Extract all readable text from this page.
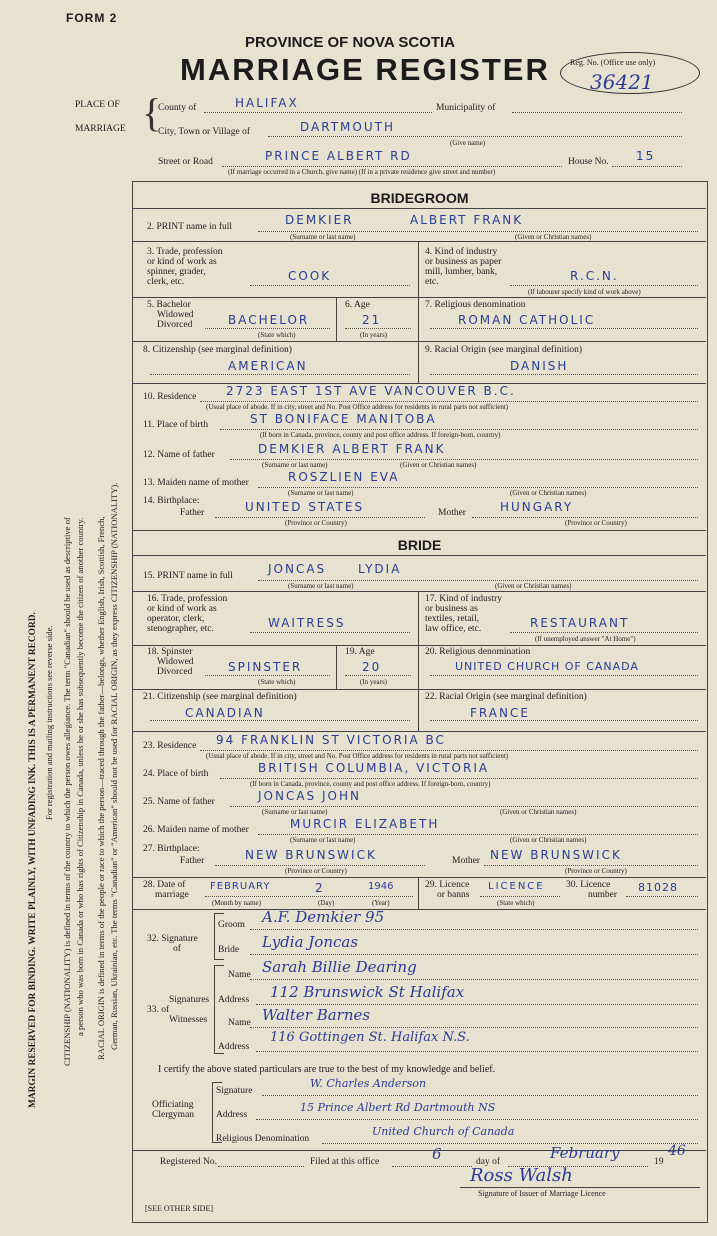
MARGIN RESERVED FOR BINDING. WRITE PLAINLY, WITH UNFADING INK. THIS IS A PERMANENT RECORD. For registration and mailing instructions see reverse side. CITIZENSHIP (NATIONALITY) is defined in terms of the country to which the person owes allegiance. The term "Canadian" should be used as descriptive of a person who was born in Canada or who has rights of Citizenship in Canada, unless he or she has subsequently become the citizen of another country. RACIAL ORIGIN is defined in terms of the people or race to which the person—traced through the father—belongs, whether English, Irish, Scottish, French, German, Russian, Ukrainian, etc. The terms "Canadian" or "American" should not be used for RACIAL ORIGIN, as they express CITIZENSHIP (NATIONALITY).
FORM 2
PROVINCE OF NOVA SCOTIA
MARRIAGE REGISTER	Reg. No. (Office use only)
36421
PLACE OF
MARRIAGE {
County of	HALIFAX	Municipality of
City, Town or Village of	DARTMOUTH
(Give name)
Street or Road	PRINCE ALBERT RD	House No. 15
(If marriage occurred in a Church, give name) (If in a private residence give street and number)
BRIDEGROOM
2. PRINT name in full	DEMKIER	ALBERT FRANK
(Surname or last name)	(Given or Christian names)
3. Trade, profession
or kind of work as
spinner, grader,
clerk, etc.	COOK
4. Kind of industry
or business as paper
mill, lumber, bank,
etc.	R.C.N.
(If labourer specify kind of work above)
5. Bachelor
Widowed
Divorced	BACHELOR
(State which)
6. Age
21
(In years)
7. Religious denomination
ROMAN CATHOLIC
8. Citizenship (see marginal definition)
AMERICAN
9. Racial Origin (see marginal definition)
DANISH
10. Residence 2723 EAST 1ST AVE VANCOUVER B.C.
(Usual place of abode. If in city, street and No. Post Office address for residents in rural parts not sufficient)
11. Place of birth	ST BONIFACE MANITOBA
(If born in Canada, province, county and post office address. If foreign-born, country)
12. Name of father	DEMKIER ALBERT FRANK
(Surname or last name)	(Given or Christian names)
13. Maiden name of mother	ROSZLIEN EVA
(Surname or last name)	(Given or Christian names)
14. Birthplace:
Father	UNITED STATES
(Province or Country)
Mother	HUNGARY
(Province or Country)
BRIDE
15. PRINT name in full	JONCAS	LYDIA
(Surname or last name)	(Given or Christian names)
16. Trade, profession
or kind of work as
operator, clerk,
stenographer, etc.	WAITRESS
17. Kind of industry
or business as
textiles, retail,
law office, etc.	RESTAURANT
(If unemployed answer "At Home")
18. Spinster
Widowed
Divorced	SPINSTER
(State which)
19. Age
20
(In years)
20. Religious denomination
UNITED CHURCH OF CANADA
21. Citizenship (see marginal definition)
CANADIAN
22. Racial Origin (see marginal definition)
FRANCE
23. Residence 94 FRANKLIN ST VICTORIA BC
(Usual place of abode. If in city, street and No. Post Office address for residents in rural parts not sufficient)
24. Place of birth	BRITISH COLUMBIA, VICTORIA
(If born in Canada, province, county and post office address. If foreign-born, country)
25. Name of father	JONCAS JOHN
(Surname or last name)	(Given or Christian names)
26. Maiden name of mother	MURCIR ELIZABETH
(Surname or last name)	(Given or Christian names)
27. Birthplace:
Father	NEW BRUNSWICK
(Province or Country)
Mother NEW BRUNSWICK
(Province or Country)
28. Date of
marriage
FEBRUARY	2	1946
(Month by name)	(Day)	(Year)
29. Licence
or banns
LICENCE
(State which)
30. Licence
number
81028
32. Signature
of
Groom A.F. Demkier 95
Bride Lydia Joncas
Signatures
33. of
Witnesses
Name Sarah Billie Dearing
Address 112 Brunswick St Halifax
Name Walter Barnes
Address
116 Gottingen St. Halifax N.S.
I certify the above stated particulars are true to the best of my knowledge and belief.
Officiating
Clergyman
Signature
W. Charles Anderson
Address
15 Prince Albert Rd Dartmouth NS
Religious Denomination
United Church of Canada
Registered No.	Filed at this office	6	day of	February	19
46
Ross Walsh
Signature of Issuer of Marriage Licence
[SEE OTHER SIDE]
